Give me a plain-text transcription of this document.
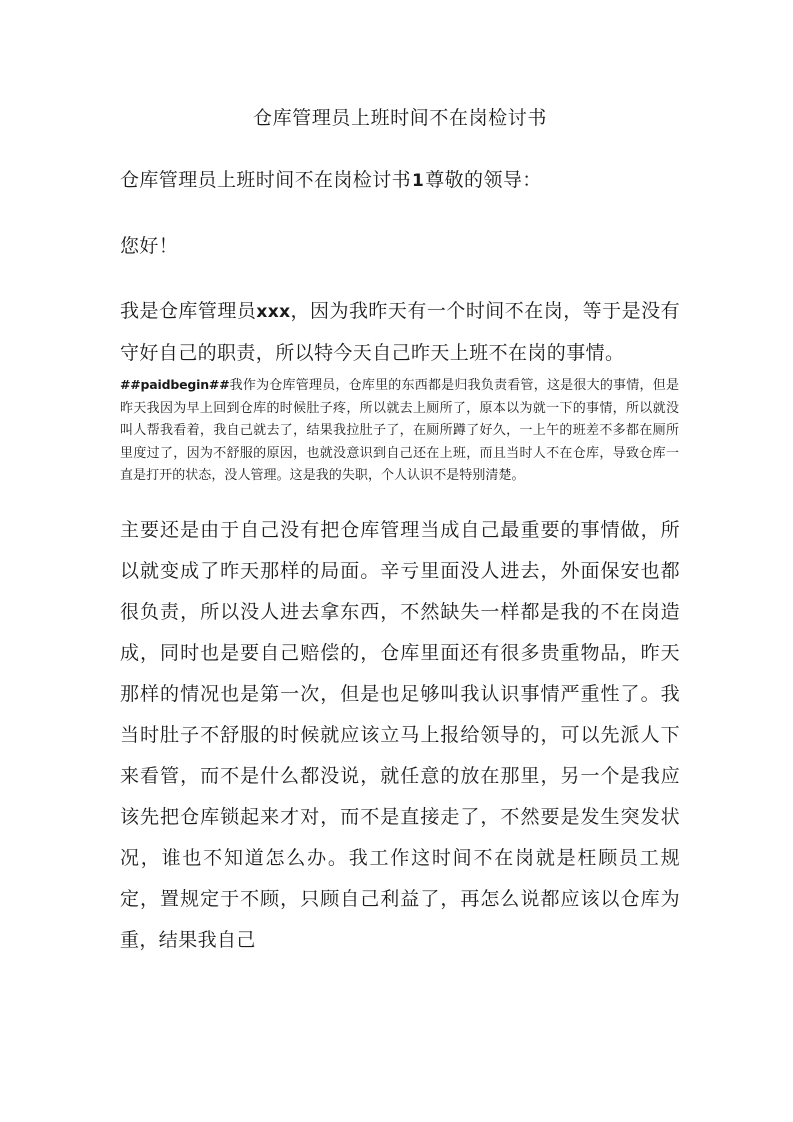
仓库管理员上班时间不在岗检讨书

仓库管理员上班时间不在岗检讨书1尊敬的领导：

您好！

我是仓库管理员xxx，因为我昨天有一个时间不在岗，等于是没有守好自己的职责，所以特今天自己昨天上班不在岗的事情。

##paidbegin##我作为仓库管理员，仓库里的东西都是归我负责看管，这是很大的事情，但是昨天我因为早上回到仓库的时候肚子疼，所以就去上厕所了，原本以为就一下的事情，所以就没叫人帮我看着，我自己就去了，结果我拉肚子了，在厕所蹲了好久，一上午的班差不多都在厕所里度过了，因为不舒服的原因，也就没意识到自己还在上班，而且当时人不在仓库，导致仓库一直是打开的状态，没人管理。这是我的失职，个人认识不是特别清楚。

主要还是由于自己没有把仓库管理当成自己最重要的事情做，所以就变成了昨天那样的局面。辛亏里面没人进去，外面保安也都很负责，所以没人进去拿东西，不然缺失一样都是我的不在岗造成，同时也是要自己赔偿的，仓库里面还有很多贵重物品，昨天那样的情况也是第一次，但是也足够叫我认识事情严重性了。我当时肚子不舒服的时候就应该立马上报给领导的，可以先派人下来看管，而不是什么都没说，就任意的放在那里，另一个是我应该先把仓库锁起来才对，而不是直接走了，不然要是发生突发状况，谁也不知道怎么办。我工作这时间不在岗就是枉顾员工规定，置规定于不顾，只顾自己利益了，再怎么说都应该以仓库为重，结果我自己
